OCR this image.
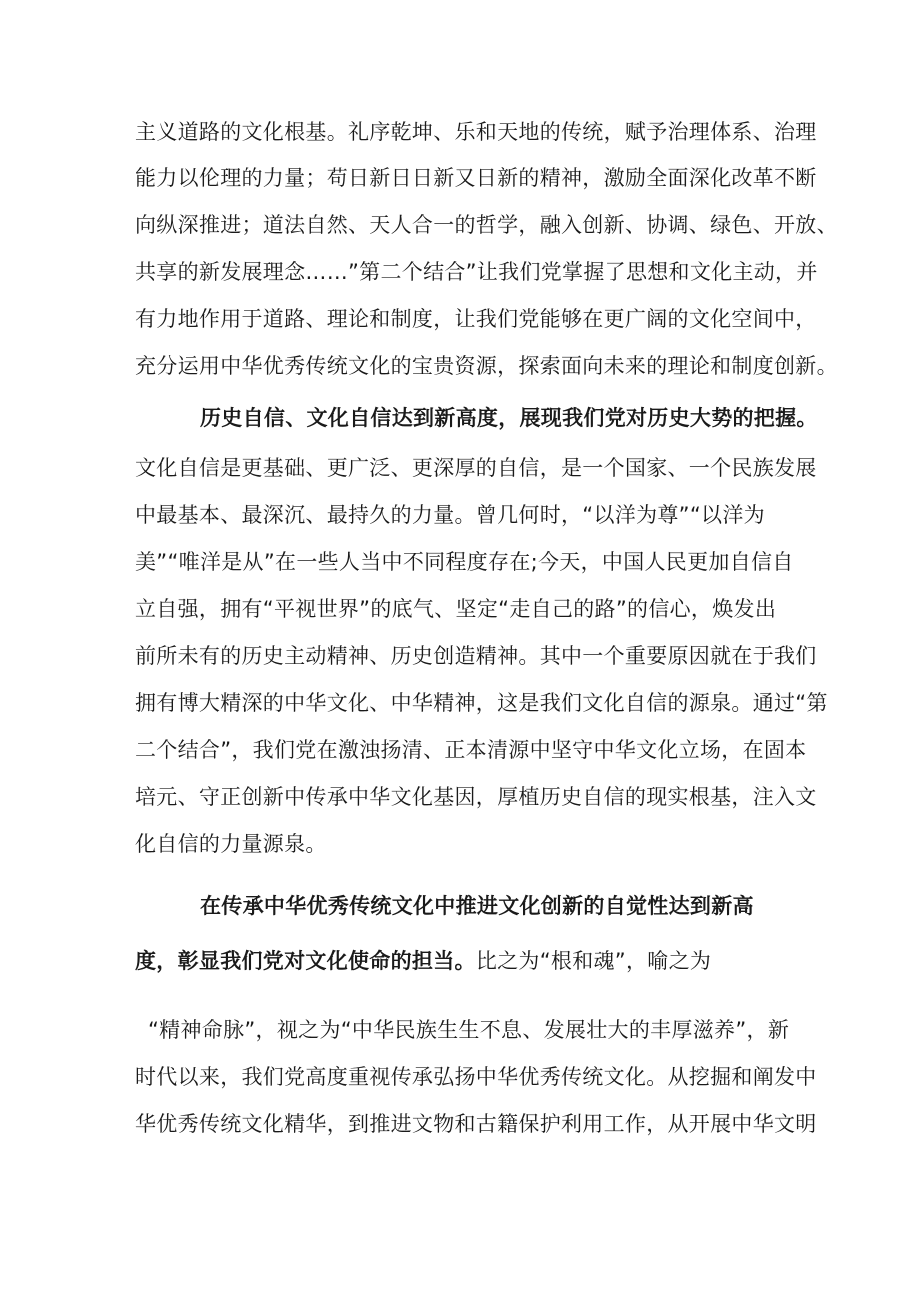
主义道路的文化根基。礼序乾坤、乐和天地的传统，赋予治理体系、治理
能力以伦理的力量；苟日新日日新又日新的精神，激励全面深化改革不断
向纵深推进；道法自然、天人合一的哲学，融入创新、协调、绿色、开放、
共享的新发展理念……”第二个结合”让我们党掌握了思想和文化主动，并
有力地作用于道路、理论和制度，让我们党能够在更广阔的文化空间中，
充分运用中华优秀传统文化的宝贵资源，探索面向未来的理论和制度创新。
历史自信、文化自信达到新高度，展现我们党对历史大势的把握。
文化自信是更基础、更广泛、更深厚的自信，是一个国家、一个民族发展
中最基本、最深沉、最持久的力量。曾几何时，“以洋为尊”“以洋为
美”“唯洋是从”在一些人当中不同程度存在;今天，中国人民更加自信自
立自强，拥有“平视世界”的底气、坚定“走自己的路”的信心，焕发出
前所未有的历史主动精神、历史创造精神。其中一个重要原因就在于我们
拥有博大精深的中华文化、中华精神，这是我们文化自信的源泉。通过“第
二个结合”，我们党在激浊扬清、正本清源中坚守中华文化立场，在固本
培元、守正创新中传承中华文化基因，厚植历史自信的现实根基，注入文
化自信的力量源泉。
在传承中华优秀传统文化中推进文化创新的自觉性达到新高
度，彰显我们党对文化使命的担当。比之为“根和魂”，喻之为
“精神命脉”，视之为“中华民族生生不息、发展壮大的丰厚滋养”，新
时代以来，我们党高度重视传承弘扬中华优秀传统文化。从挖掘和阐发中
华优秀传统文化精华，到推进文物和古籍保护利用工作，从开展中华文明
